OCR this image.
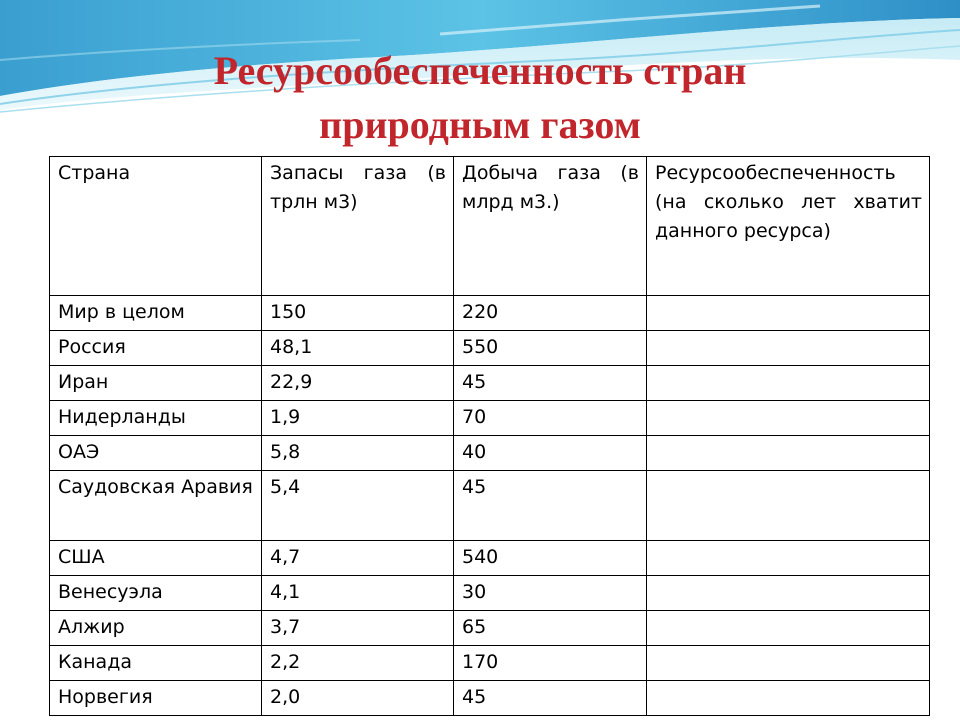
Ресурсообеспеченность стран
природным газом
Страна	Запасы газа (в трлн м3)	Добыча газа (в млрд м3.)	Ресурсообеспеченность (на сколько лет хватит данного ресурса)
Мир в целом	150	220	
Россия	48,1	550	
Иран	22,9	45	
Нидерланды	1,9	70	
ОАЭ	5,8	40	
Саудовская Аравия	5,4	45	
США	4,7	540	
Венесуэла	4,1	30	
Алжир	3,7	65	
Канада	2,2	170	
Норвегия	2,0	45	
